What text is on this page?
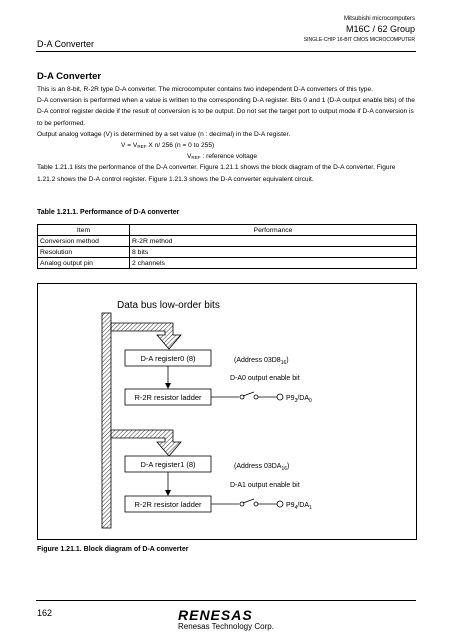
Mitsubishi microcomputers
M16C / 62 Group
SINGLE-CHIP 16-BIT CMOS MICROCOMPUTER
D-A Converter
D-A Converter

This is an 8-bit, R-2R type D-A converter. The microcomputer contains two independent D-A converters of this type.

D-A conversion is performed when a value is written to the corresponding D-A register. Bits 0 and 1 (D-A output enable bits) of the D-A control register decide if the result of conversion is to be output. Do not set the target port to output mode if D-A conversion is to be performed.

Output analog voltage (V) is determined by a set value (n : decimal) in the D-A register.

$V = V_{REF}$ X n/ 256 (n = 0 to 255)

$V_{REF}$ : reference voltage

Table 1.21.1 lists the performance of the D-A converter. Figure 1.21.1 shows the block diagram of the D-A converter. Figure 1.21.2 shows the D-A control register. Figure 1.21.3 shows the D-A converter equivalent circuit.

Table 1.21.1. Performance of D-A converter
Item	Performance
Conversion method	R-2R method
Resolution	8 bits
Analog output pin	2 channels
Data bus low-order bits
D-A register0 (8)	(Address $03D8_{16}$)
D-A0 output enable bit
R-2R resistor ladder	$P9_3/DA_0$
D-A register1 (8)	(Address $03DA_{16}$)
D-A1 output enable bit
R-2R resistor ladder	$P9_4/DA_1$
Figure 1.21.1. Block diagram of D-A converter
162	RENESAS
Renesas Technology Corp.
